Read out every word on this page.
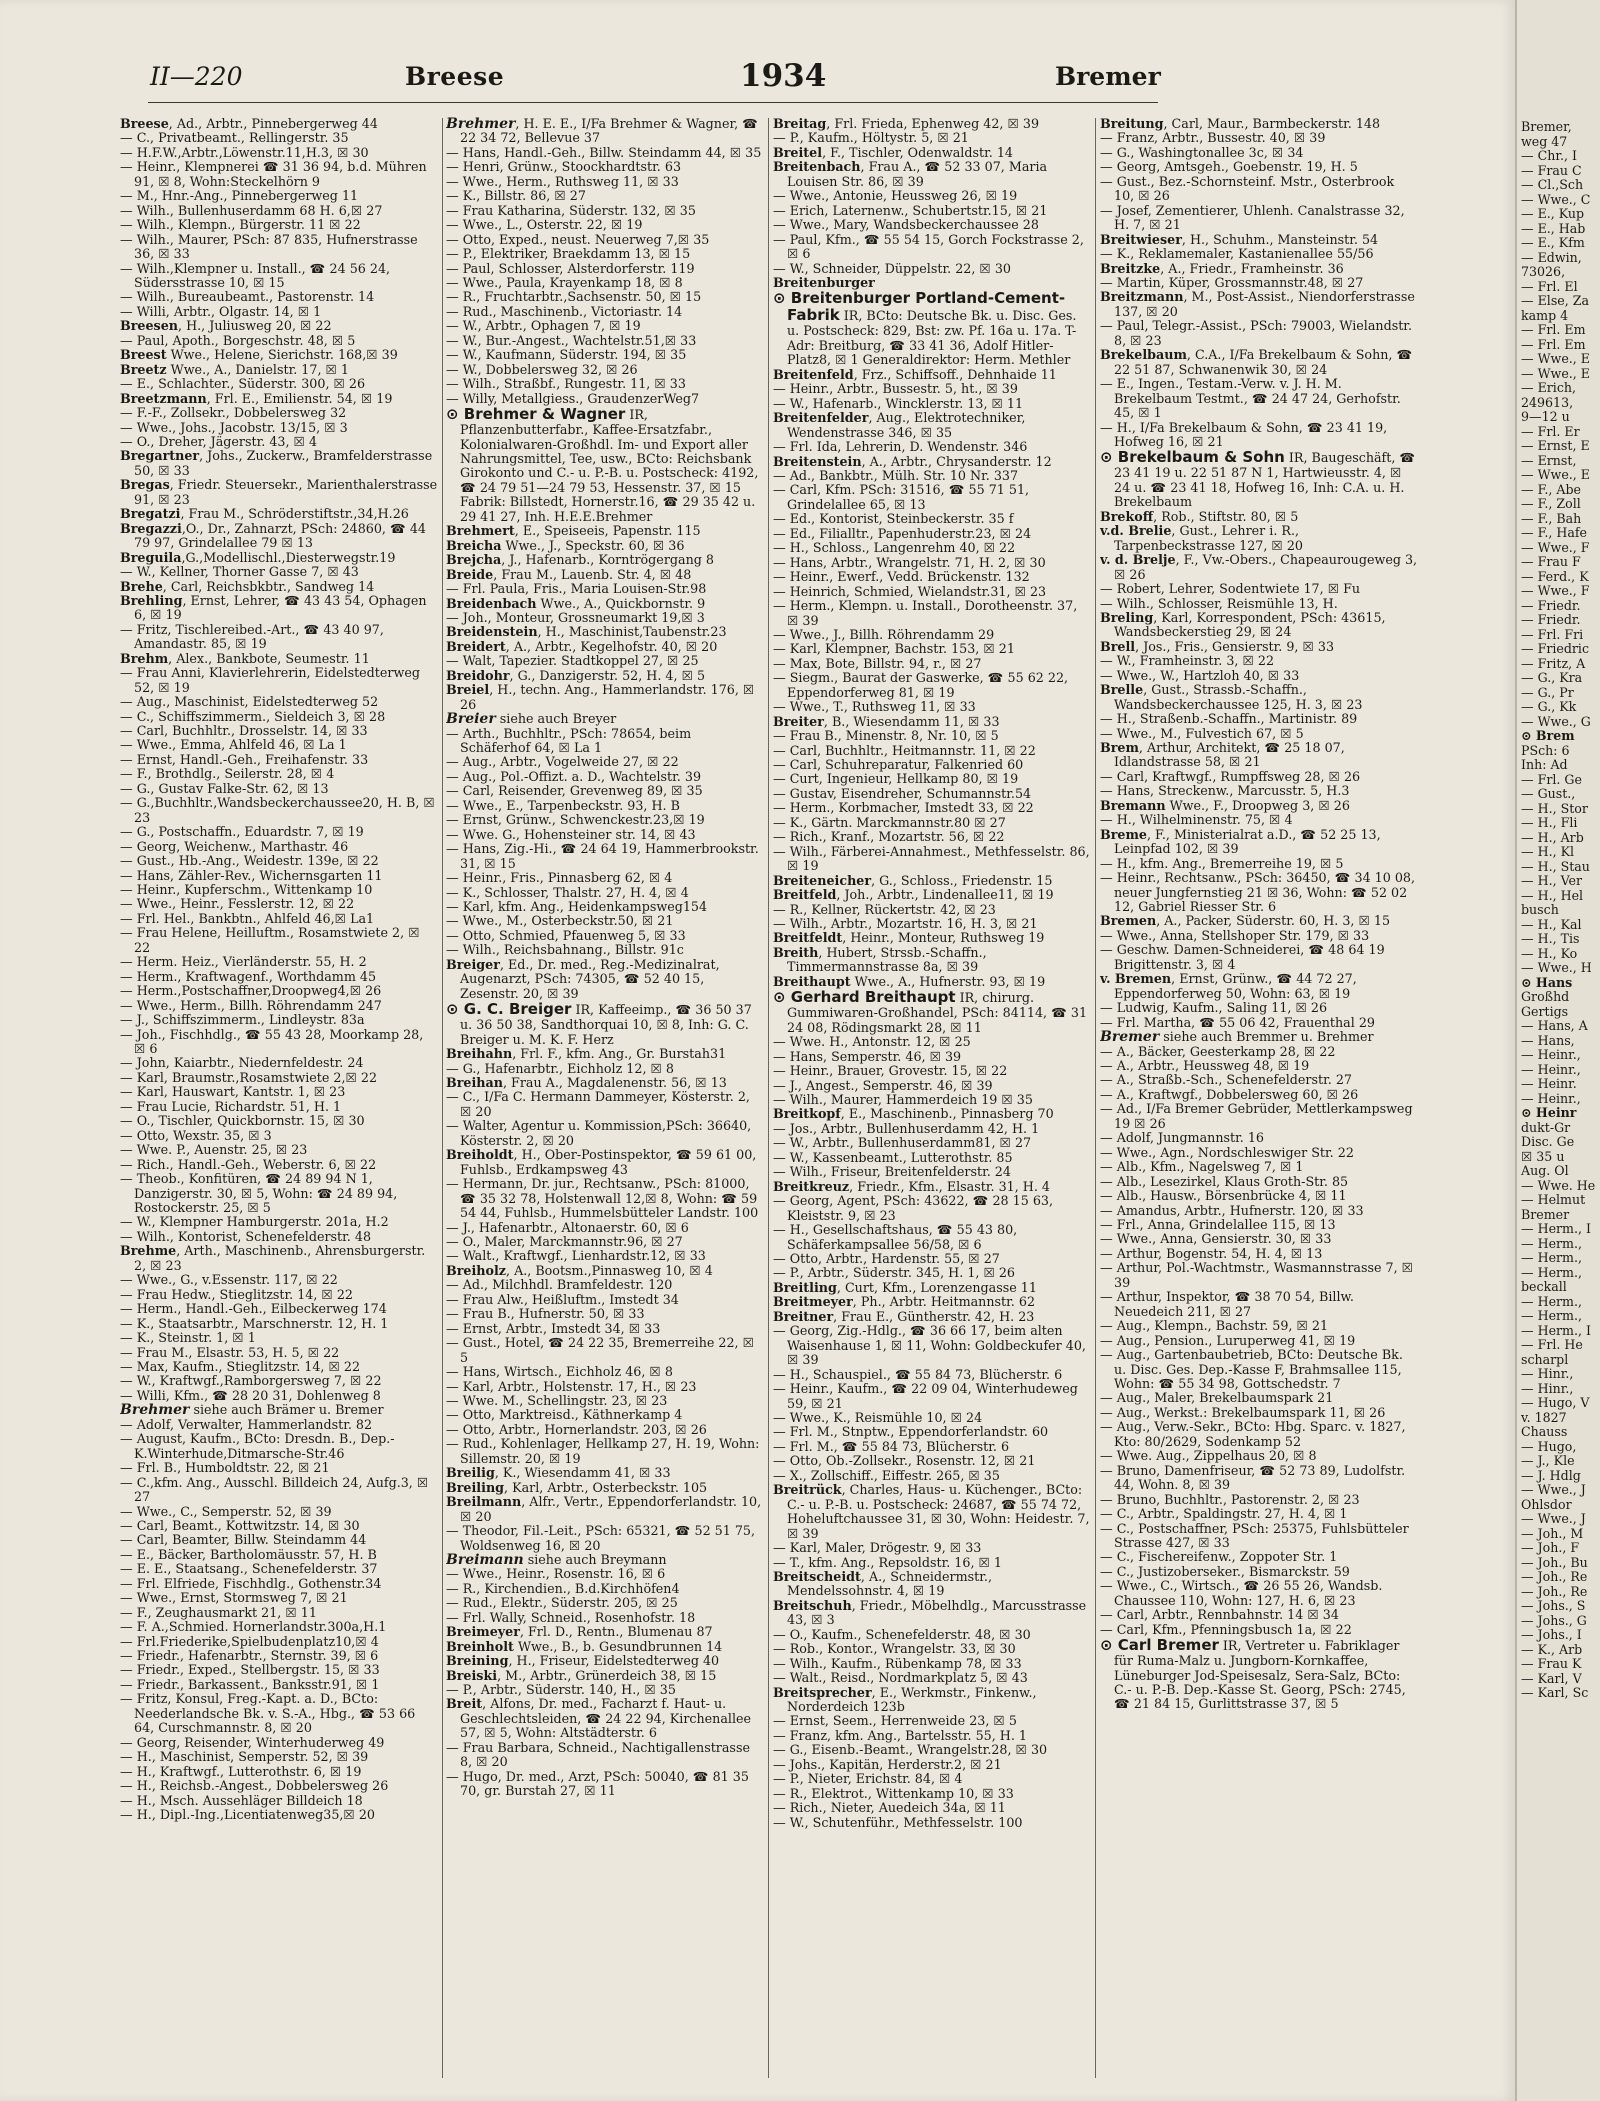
II—220	Breese	1934	Bremer

Breese, Ad., Arbtr., Pinnebergerweg 44

— C., Privatbeamt., Rellingerstr. 35

— H.F.W.,Arbtr.,Löwenstr.11,H.3, ☒ 30

— Heinr., Klempnerei ☎ 31 36 94, b.d. Mühren 91, ☒ 8, Wohn:Steckelhörn 9

— M., Hnr.-Ang., Pinnebergerweg 11

— Wilh., Bullenhuserdamm 68 H. 6,☒ 27

— Wilh., Klempn., Bürgerstr. 11 ☒ 22

— Wilh., Maurer, PSch: 87 835, Hufnerstrasse 36, ☒ 33

— Wilh.,Klempner u. Install., ☎ 24 56 24, Südersstrasse 10, ☒ 15

— Wilh., Bureaubeamt., Pastorenstr. 14

— Willi, Arbtr., Olgastr. 14, ☒ 1

Breesen, H., Juliusweg 20, ☒ 22

— Paul, Apoth., Borgeschstr. 48, ☒ 5

Breest Wwe., Helene, Sierichstr. 168,☒ 39

Breetz Wwe., A., Danielstr. 17, ☒ 1

— E., Schlachter., Süderstr. 300, ☒ 26

Breetzmann, Frl. E., Emilienstr. 54, ☒ 19

— F.-F., Zollsekr., Dobbelersweg 32

— Wwe., Johs., Jacobstr. 13/15, ☒ 3

— O., Dreher, Jägerstr. 43, ☒ 4

Bregartner, Johs., Zuckerw., Bramfelderstrasse 50, ☒ 33

Bregas, Friedr. Steuersekr., Marienthalerstrasse 91, ☒ 23

Bregatzi, Frau M., Schröderstiftstr.,34,H.26

Bregazzi,O., Dr., Zahnarzt, PSch: 24860, ☎ 44 79 97, Grindelallee 79 ☒ 13

Breguila,G.,Modellischl.,Diesterwegstr.19

— W., Kellner, Thorner Gasse 7, ☒ 43

Brehe, Carl, Reichsbkbtr., Sandweg 14

Brehling, Ernst, Lehrer, ☎ 43 43 54, Ophagen 6, ☒ 19

— Fritz, Tischlereibed.-Art., ☎ 43 40 97, Amandastr. 85, ☒ 19

Brehm, Alex., Bankbote, Seumestr. 11

— Frau Anni, Klavierlehrerin, Eidelstedterweg 52, ☒ 19

— Aug., Maschinist, Eidelstedterweg 52

— C., Schiffszimmerm., Sieldeich 3, ☒ 28

— Carl, Buchhltr., Drosselstr. 14, ☒ 33

— Wwe., Emma, Ahlfeld 46, ☒ La 1

— Ernst, Handl.-Geh., Freihafenstr. 33

— F., Brothdlg., Seilerstr. 28, ☒ 4

— G., Gustav Falke-Str. 62, ☒ 13

— G.,Buchhltr.,Wandsbeckerchaussee20, H. B, ☒ 23

— G., Postschaffn., Eduardstr. 7, ☒ 19

— Georg, Weichenw., Marthastr. 46

— Gust., Hb.-Ang., Weidestr. 139e, ☒ 22

— Hans, Zähler-Rev., Wichernsgarten 11

— Heinr., Kupferschm., Wittenkamp 10

— Wwe., Heinr., Fesslerstr. 12, ☒ 22

— Frl. Hel., Bankbtn., Ahlfeld 46,☒ La1

— Frau Helene, Heilluftm., Rosamstwiete 2, ☒ 22

— Herm. Heiz., Vierländerstr. 55, H. 2

— Herm., Kraftwagenf., Worthdamm 45

— Herm.,Postschaffner,Droopweg4,☒ 26

— Wwe., Herm., Billh. Röhrendamm 247

— J., Schiffszimmerm., Lindleystr. 83a

— Joh., Fischhdlg., ☎ 55 43 28, Moorkamp 28, ☒ 6

— John, Kaiarbtr., Niedernfeldestr. 24

— Karl, Braumstr.,Rosamstwiete 2,☒ 22

— Karl, Hauswart, Kantstr. 1, ☒ 23

— Frau Lucie, Richardstr. 51, H. 1

— O., Tischler, Quickbornstr. 15, ☒ 30

— Otto, Wexstr. 35, ☒ 3

— Wwe. P., Auenstr. 25, ☒ 23

— Rich., Handl.-Geh., Weberstr. 6, ☒ 22

— Theob., Konfitüren, ☎ 24 89 94 N 1, Danzigerstr. 30, ☒ 5, Wohn: ☎ 24 89 94, Rostockerstr. 25, ☒ 5

— W., Klempner Hamburgerstr. 201a, H.2

— Wilh., Kontorist, Schenefelderstr. 48

Brehme, Arth., Maschinenb., Ahrensburgerstr. 2, ☒ 23

— Wwe., G., v.Essenstr. 117, ☒ 22

— Frau Hedw., Stieglitzstr. 14, ☒ 22

— Herm., Handl.-Geh., Eilbeckerweg 174

— K., Staatsarbtr., Marschnerstr. 12, H. 1

— K., Steinstr. 1, ☒ 1

— Frau M., Elsastr. 53, H. 5, ☒ 22

— Max, Kaufm., Stieglitzstr. 14, ☒ 22

— W., Kraftwgf.,Ramborgersweg 7, ☒ 22

— Willi, Kfm., ☎ 28 20 31, Dohlenweg 8

Brehmer siehe auch Brämer u. Bremer

— Adolf, Verwalter, Hammerlandstr. 82

— August, Kaufm., BCto: Dresdn. B., Dep.-K.Winterhude,Ditmarsche-Str.46

— Frl. B., Humboldtstr. 22, ☒ 21

— C.,kfm. Ang., Ausschl. Billdeich 24, Aufg.3, ☒ 27

— Wwe., C., Semperstr. 52, ☒ 39

— Carl, Beamt., Kottwitzstr. 14, ☒ 30

— Carl, Beamter, Billw. Steindamm 44

— E., Bäcker, Bartholomäusstr. 57, H. B

— E. E., Staatsang., Schenefelderstr. 37

— Frl. Elfriede, Fischhdlg., Gothenstr.34

— Wwe., Ernst, Stormsweg 7, ☒ 21

— F., Zeughausmarkt 21, ☒ 11

— F. A.,Schmied. Hornerlandstr.300a,H.1

— Frl.Friederike,Spielbudenplatz10,☒ 4

— Friedr., Hafenarbtr., Sternstr. 39, ☒ 6

— Friedr., Exped., Stellbergstr. 15, ☒ 33

— Friedr., Barkassent., Banksstr.91, ☒ 1

— Fritz, Konsul, Freg.-Kapt. a. D., BCto: Neederlandsche Bk. v. S.-A., Hbg., ☎ 53 66 64, Curschmannstr. 8, ☒ 20

— Georg, Reisender, Winterhuderweg 49

— H., Maschinist, Semperstr. 52, ☒ 39

— H., Kraftwgf., Lutterothstr. 6, ☒ 19

— H., Reichsb.-Angest., Dobbelersweg 26

— H., Msch. Aussehläger Billdeich 18

— H., Dipl.-Ing.,Licentiatenweg35,☒ 20

Brehmer, H. E. E., I/Fa Brehmer & Wagner, ☎ 22 34 72, Bellevue 37

— Hans, Handl.-Geh., Billw. Steindamm 44, ☒ 35

— Henri, Grünw., Stoockhardtstr. 63

— Wwe., Herm., Ruthsweg 11, ☒ 33

— K., Billstr. 86, ☒ 27

— Frau Katharina, Süderstr. 132, ☒ 35

— Wwe., L., Osterstr. 22, ☒ 19

— Otto, Exped., neust. Neuerweg 7,☒ 35

— P., Elektriker, Braekdamm 13, ☒ 15

— Paul, Schlosser, Alsterdorferstr. 119

— Wwe., Paula, Krayenkamp 18, ☒ 8

— R., Fruchtarbtr.,Sachsenstr. 50, ☒ 15

— Rud., Maschinenb., Victoriastr. 14

— W., Arbtr., Ophagen 7, ☒ 19

— W., Bur.-Angest., Wachtelstr.51,☒ 33

— W., Kaufmann, Süderstr. 194, ☒ 35

— W., Dobbelersweg 32, ☒ 26

— Wilh., Straßbf., Rungestr. 11, ☒ 33

— Willy, Metallgiess., GraudenzerWeg7

⊙ Brehmer & Wagner IR, Pflanzenbutterfabr., Kaffee-Ersatzfabr., Kolonialwaren-Großhdl. Im- und Export aller Nahrungsmittel, Tee, usw., BCto: Reichsbank Girokonto und C.- u. P.-B. u. Postscheck: 4192, ☎ 24 79 51—24 79 53, Hessenstr. 37, ☒ 15 Fabrik: Billstedt, Hornerstr.16, ☎ 29 35 42 u. 29 41 27, Inh. H.E.E.Brehmer

Brehmert, E., Speiseeis, Papenstr. 115

Breicha Wwe., J., Speckstr. 60, ☒ 36

Brejcha, J., Hafenarb., Korntrögergang 8

Breide, Frau M., Lauenb. Str. 4, ☒ 48

— Frl. Paula, Fris., Maria Louisen-Str.98

Breidenbach Wwe., A., Quickbornstr. 9

— Joh., Monteur, Grossneumarkt 19,☒ 3

Breidenstein, H., Maschinist,Taubenstr.23

Breidert, A., Arbtr., Kegelhofstr. 40, ☒ 20

— Walt, Tapezier. Stadtkoppel 27, ☒ 25

Breidohr, G., Danzigerstr. 52, H. 4, ☒ 5

Breiel, H., techn. Ang., Hammerlandstr. 176, ☒ 26

Breier siehe auch Breyer

— Arth., Buchhltr., PSch: 78654, beim Schäferhof 64, ☒ La 1

— Aug., Arbtr., Vogelweide 27, ☒ 22

— Aug., Pol.-Offizt. a. D., Wachtelstr. 39

— Carl, Reisender, Grevenweg 89, ☒ 35

— Wwe., E., Tarpenbeckstr. 93, H. B

— Ernst, Grünw., Schwenckestr.23,☒ 19

— Wwe. G., Hohensteiner str. 14, ☒ 43

— Hans, Zig.-Hi., ☎ 24 64 19, Hammerbrookstr. 31, ☒ 15

— Heinr., Fris., Pinnasberg 62, ☒ 4

— K., Schlosser, Thalstr. 27, H. 4, ☒ 4

— Karl, kfm. Ang., Heidenkampsweg154

— Wwe., M., Osterbeckstr.50, ☒ 21

— Otto, Schmied, Pfauenweg 5, ☒ 33

— Wilh., Reichsbahnang., Billstr. 91c

Breiger, Ed., Dr. med., Reg.-Medizinalrat, Augenarzt, PSch: 74305, ☎ 52 40 15, Zesenstr. 20, ☒ 39

⊙ G. C. Breiger IR, Kaffeeimp., ☎ 36 50 37 u. 36 50 38, Sandthorquai 10, ☒ 8, Inh: G. C. Breiger u. M. K. F. Herz

Breihahn, Frl. F., kfm. Ang., Gr. Burstah31

— G., Hafenarbtr., Eichholz 12, ☒ 8

Breihan, Frau A., Magdalenenstr. 56, ☒ 13

— C., I/Fa C. Hermann Dammeyer, Kösterstr. 2, ☒ 20

— Walter, Agentur u. Kommission,PSch: 36640, Kösterstr. 2, ☒ 20

Breiholdt, H., Ober-Postinspektor, ☎ 59 61 00, Fuhlsb., Erdkampsweg 43

— Hermann, Dr. jur., Rechtsanw., PSch: 81000, ☎ 35 32 78, Holstenwall 12,☒ 8, Wohn: ☎ 59 54 44, Fuhlsb., Hummelsbütteler Landstr. 100

— J., Hafenarbtr., Altonaerstr. 60, ☒ 6

— O., Maler, Marckmannstr.96, ☒ 27

— Walt., Kraftwgf., Lienhardstr.12, ☒ 33

Breiholz, A., Bootsm.,Pinnasweg 10, ☒ 4

— Ad., Milchhdl. Bramfeldestr. 120

— Frau Alw., Heißluftm., Imstedt 34

— Frau B., Hufnerstr. 50, ☒ 33

— Ernst, Arbtr., Imstedt 34, ☒ 33

— Gust., Hotel, ☎ 24 22 35, Bremerreihe 22, ☒ 5

— Hans, Wirtsch., Eichholz 46, ☒ 8

— Karl, Arbtr., Holstenstr. 17, H., ☒ 23

— Wwe. M., Schellingstr. 23, ☒ 23

— Otto, Marktreisd., Käthnerkamp 4

— Otto, Arbtr., Hornerlandstr. 203, ☒ 26

— Rud., Kohlenlager, Hellkamp 27, H. 19, Wohn: Sillemstr. 20, ☒ 19

Breilig, K., Wiesendamm 41, ☒ 33

Breiling, Karl, Arbtr., Osterbeckstr. 105

Breilmann, Alfr., Vertr., Eppendorferlandstr. 10, ☒ 20

— Theodor, Fil.-Leit., PSch: 65321, ☎ 52 51 75, Woldsenweg 16, ☒ 20

Breimann siehe auch Breymann

— Wwe., Heinr., Rosenstr. 16, ☒ 6

— R., Kirchendien., B.d.Kirchhöfen4

— Rud., Elektr., Süderstr. 205, ☒ 25

— Frl. Wally, Schneid., Rosenhofstr. 18

Breimeyer, Frl. D., Rentn., Blumenau 87

Breinholt Wwe., B., b. Gesundbrunnen 14

Breining, H., Friseur, Eidelstedterweg 40

Breiski, M., Arbtr., Grünerdeich 38, ☒ 15

— P., Arbtr., Süderstr. 140, H., ☒ 35

Breit, Alfons, Dr. med., Facharzt f. Haut- u. Geschlechtsleiden, ☎ 24 22 94, Kirchenallee 57, ☒ 5, Wohn: Altstädterstr. 6

— Frau Barbara, Schneid., Nachtigallenstrasse 8, ☒ 20

— Hugo, Dr. med., Arzt, PSch: 50040, ☎ 81 35 70, gr. Burstah 27, ☒ 11

Breitag, Frl. Frieda, Ephenweg 42, ☒ 39

— P., Kaufm., Höltystr. 5, ☒ 21

Breitel, F., Tischler, Odenwaldstr. 14

Breitenbach, Frau A., ☎ 52 33 07, Maria Louisen Str. 86, ☒ 39

— Wwe., Antonie, Heussweg 26, ☒ 19

— Erich, Laternenw., Schubertstr.15, ☒ 21

— Wwe., Mary, Wandsbeckerchaussee 28

— Paul, Kfm., ☎ 55 54 15, Gorch Fockstrasse 2, ☒ 6

— W., Schneider, Düppelstr. 22, ☒ 30

Breitenburger

⊙ Breitenburger Portland-Cement-Fabrik IR, BCto: Deutsche Bk. u. Disc. Ges. u. Postscheck: 829, Bst: zw. Pf. 16a u. 17a. T-Adr: Breitburg, ☎ 33 41 36, Adolf Hitler-Platz8, ☒ 1 Generaldirektor: Herm. Methler

Breitenfeld, Frz., Schiffsoff., Dehnhaide 11

— Heinr., Arbtr., Bussestr. 5, ht., ☒ 39

— W., Hafenarb., Wincklerstr. 13, ☒ 11

Breitenfelder, Aug., Elektrotechniker, Wendenstrasse 346, ☒ 35

— Frl. Ida, Lehrerin, D. Wendenstr. 346

Breitenstein, A., Arbtr., Chrysanderstr. 12

— Ad., Bankbtr., Mülh. Str. 10 Nr. 337

— Carl, Kfm. PSch: 31516, ☎ 55 71 51, Grindelallee 65, ☒ 13

— Ed., Kontorist, Steinbeckerstr. 35 f

— Ed., Filialltr., Papenhuderstr.23, ☒ 24

— H., Schloss., Langenrehm 40, ☒ 22

— Hans, Arbtr., Wrangelstr. 71, H. 2, ☒ 30

— Heinr., Ewerf., Vedd. Brückenstr. 132

— Heinrich, Schmied, Wielandstr.31, ☒ 23

— Herm., Klempn. u. Install., Dorotheenstr. 37, ☒ 39

— Wwe., J., Billh. Röhrendamm 29

— Karl, Klempner, Bachstr. 153, ☒ 21

— Max, Bote, Billstr. 94, r., ☒ 27

— Siegm., Baurat der Gaswerke, ☎ 55 62 22, Eppendorferweg 81, ☒ 19

— Wwe., T., Ruthsweg 11, ☒ 33

Breiter, B., Wiesendamm 11, ☒ 33

— Frau B., Minenstr. 8, Nr. 10, ☒ 5

— Carl, Buchhltr., Heitmannstr. 11, ☒ 22

— Carl, Schuhreparatur, Falkenried 60

— Curt, Ingenieur, Hellkamp 80, ☒ 19

— Gustav, Eisendreher, Schumannstr.54

— Herm., Korbmacher, Imstedt 33, ☒ 22

— K., Gärtn. Marckmannstr.80 ☒ 27

— Rich., Kranf., Mozartstr. 56, ☒ 22

— Wilh., Färberei-Annahmest., Methfesselstr. 86, ☒ 19

Breiteneicher, G., Schloss., Friedenstr. 15

Breitfeld, Joh., Arbtr., Lindenallee11, ☒ 19

— R., Kellner, Rückertstr. 42, ☒ 23

— Wilh., Arbtr., Mozartstr. 16, H. 3, ☒ 21

Breitfeldt, Heinr., Monteur, Ruthsweg 19

Breith, Hubert, Strssb.-Schaffn., Timmermannstrasse 8a, ☒ 39

Breithaupt Wwe., A., Hufnerstr. 93, ☒ 19

⊙ Gerhard Breithaupt IR, chirurg. Gummiwaren-Großhandel, PSch: 84114, ☎ 31 24 08, Rödingsmarkt 28, ☒ 11

— Wwe. H., Antonstr. 12, ☒ 25

— Hans, Semperstr. 46, ☒ 39

— Heinr., Brauer, Grovestr. 15, ☒ 22

— J., Angest., Semperstr. 46, ☒ 39

— Wilh., Maurer, Hammerdeich 19 ☒ 35

Breitkopf, E., Maschinenb., Pinnasberg 70

— Jos., Arbtr., Bullenhuserdamm 42, H. 1

— W., Arbtr., Bullenhuserdamm81, ☒ 27

— W., Kassenbeamt., Lutterothstr. 85

— Wilh., Friseur, Breitenfelderstr. 24

Breitkreuz, Friedr., Kfm., Elsastr. 31, H. 4

— Georg, Agent, PSch: 43622, ☎ 28 15 63, Kleiststr. 9, ☒ 23

— H., Gesellschaftshaus, ☎ 55 43 80, Schäferkampsallee 56/58, ☒ 6

— Otto, Arbtr., Hardenstr. 55, ☒ 27

— P., Arbtr., Süderstr. 345, H. 1, ☒ 26

Breitling, Curt, Kfm., Lorenzengasse 11

Breitmeyer, Ph., Arbtr. Heitmannstr. 62

Breitner, Frau E., Güntherstr. 42, H. 23

— Georg, Zig.-Hdlg., ☎ 36 66 17, beim alten Waisenhause 1, ☒ 11, Wohn: Goldbeckufer 40, ☒ 39

— H., Schauspiel., ☎ 55 84 73, Blücherstr. 6

— Heinr., Kaufm., ☎ 22 09 04, Winterhudeweg 59, ☒ 21

— Wwe., K., Reismühle 10, ☒ 24

— Frl. M., Stnptw., Eppendorferlandstr. 60

— Frl. M., ☎ 55 84 73, Blücherstr. 6

— Otto, Ob.-Zollsekr., Rosenstr. 12, ☒ 21

— X., Zollschiff., Eiffestr. 265, ☒ 35

Breitrück, Charles, Haus- u. Küchenger., BCto: C.- u. P.-B. u. Postscheck: 24687, ☎ 55 74 72, Hoheluftchaussee 31, ☒ 30, Wohn: Heidestr. 7, ☒ 39

— Karl, Maler, Drögestr. 9, ☒ 33

— T., kfm. Ang., Repsoldstr. 16, ☒ 1

Breitscheidt, A., Schneidermstr., Mendelssohnstr. 4, ☒ 19

Breitschuh, Friedr., Möbelhdlg., Marcusstrasse 43, ☒ 3

— O., Kaufm., Schenefelderstr. 48, ☒ 30

— Rob., Kontor., Wrangelstr. 33, ☒ 30

— Wilh., Kaufm., Rübenkamp 78, ☒ 33

— Walt., Reisd., Nordmarkplatz 5, ☒ 43

Breitsprecher, E., Werkmstr., Finkenw., Norderdeich 123b

— Ernst, Seem., Herrenweide 23, ☒ 5

— Franz, kfm. Ang., Bartelsstr. 55, H. 1

— G., Eisenb.-Beamt., Wrangelstr.28, ☒ 30

— Johs., Kapitän, Herderstr.2, ☒ 21

— P., Nieter, Erichstr. 84, ☒ 4

— R., Elektrot., Wittenkamp 10, ☒ 33

— Rich., Nieter, Auedeich 34a, ☒ 11

— W., Schutenführ., Methfesselstr. 100

Breitung, Carl, Maur., Barmbeckerstr. 148

— Franz, Arbtr., Bussestr. 40, ☒ 39

— G., Washingtonallee 3c, ☒ 34

— Georg, Amtsgeh., Goebenstr. 19, H. 5

— Gust., Bez.-Schornsteinf. Mstr., Osterbrook 10, ☒ 26

— Josef, Zementierer, Uhlenh. Canalstrasse 32, H. 7, ☒ 21

Breitwieser, H., Schuhm., Mansteinstr. 54

— K., Reklamemaler, Kastanienallee 55/56

Breitzke, A., Friedr., Framheinstr. 36

— Martin, Küper, Grossmannstr.48, ☒ 27

Breitzmann, M., Post-Assist., Niendorferstrasse 137, ☒ 20

— Paul, Telegr.-Assist., PSch: 79003, Wielandstr. 8, ☒ 23

Brekelbaum, C.A., I/Fa Brekelbaum & Sohn, ☎ 22 51 87, Schwanenwik 30, ☒ 24

— E., Ingen., Testam.-Verw. v. J. H. M. Brekelbaum Testmt., ☎ 24 47 24, Gerhofstr. 45, ☒ 1

— H., I/Fa Brekelbaum & Sohn, ☎ 23 41 19, Hofweg 16, ☒ 21

⊙ Brekelbaum & Sohn IR, Baugeschäft, ☎ 23 41 19 u. 22 51 87 N 1, Hartwieusstr. 4, ☒ 24 u. ☎ 23 41 18, Hofweg 16, Inh: C.A. u. H. Brekelbaum

Brekoff, Rob., Stiftstr. 80, ☒ 5

v.d. Brelie, Gust., Lehrer i. R., Tarpenbeckstrasse 127, ☒ 20

v. d. Brelje, F., Vw.-Obers., Chapeaurougeweg 3, ☒ 26

— Robert, Lehrer, Sodentwiete 17, ☒ Fu

— Wilh., Schlosser, Reismühle 13, H.

Breling, Karl, Korrespondent, PSch: 43615, Wandsbeckerstieg 29, ☒ 24

Brell, Jos., Fris., Gensierstr. 9, ☒ 33

— W., Framheinstr. 3, ☒ 22

— Wwe., W., Hartzloh 40, ☒ 33

Brelle, Gust., Strassb.-Schaffn., Wandsbeckerchaussee 125, H. 3, ☒ 23

— H., Straßenb.-Schaffn., Martinistr. 89

— Wwe., M., Fulvestich 67, ☒ 5

Brem, Arthur, Architekt, ☎ 25 18 07, Idlandstrasse 58, ☒ 21

— Carl, Kraftwgf., Rumpffsweg 28, ☒ 26

— Hans, Streckenw., Marcusstr. 5, H.3

Bremann Wwe., F., Droopweg 3, ☒ 26

— H., Wilhelminenstr. 75, ☒ 4

Breme, F., Ministerialrat a.D., ☎ 52 25 13, Leinpfad 102, ☒ 39

— H., kfm. Ang., Bremerreihe 19, ☒ 5

— Heinr., Rechtsanw., PSch: 36450, ☎ 34 10 08, neuer Jungfernstieg 21 ☒ 36, Wohn: ☎ 52 02 12, Gabriel Riesser Str. 6

Bremen, A., Packer, Süderstr. 60, H. 3, ☒ 15

— Wwe., Anna, Stellshoper Str. 179, ☒ 33

— Geschw. Damen-Schneiderei, ☎ 48 64 19 Brigittenstr. 3, ☒ 4

v. Bremen, Ernst, Grünw., ☎ 44 72 27, Eppendorferweg 50, Wohn: 63, ☒ 19

— Ludwig, Kaufm., Saling 11, ☒ 26

— Frl. Martha, ☎ 55 06 42, Frauenthal 29

Bremer siehe auch Bremmer u. Brehmer

— A., Bäcker, Geesterkamp 28, ☒ 22

— A., Arbtr., Heussweg 48, ☒ 19

— A., Straßb.-Sch., Schenefelderstr. 27

— A., Kraftwgf., Dobbelersweg 60, ☒ 26

— Ad., I/Fa Bremer Gebrüder, Mettlerkampsweg 19 ☒ 26

— Adolf, Jungmannstr. 16

— Wwe., Agn., Nordschleswiger Str. 22

— Alb., Kfm., Nagelsweg 7, ☒ 1

— Alb., Lesezirkel, Klaus Groth-Str. 85

— Alb., Hausw., Börsenbrücke 4, ☒ 11

— Amandus, Arbtr., Hufnerstr. 120, ☒ 33

— Frl., Anna, Grindelallee 115, ☒ 13

— Wwe., Anna, Gensierstr. 30, ☒ 33

— Arthur, Bogenstr. 54, H. 4, ☒ 13

— Arthur, Pol.-Wachtmstr., Wasmannstrasse 7, ☒ 39

— Arthur, Inspektor, ☎ 38 70 54, Billw. Neuedeich 211, ☒ 27

— Aug., Klempn., Bachstr. 59, ☒ 21

— Aug., Pension., Luruperweg 41, ☒ 19

— Aug., Gartenbaubetrieb, BCto: Deutsche Bk. u. Disc. Ges. Dep.-Kasse F, Brahmsallee 115, Wohn: ☎ 55 34 98, Gottschedstr. 7

— Aug., Maler, Brekelbaumspark 21

— Aug., Werkst.: Brekelbaumspark 11, ☒ 26

— Aug., Verw.-Sekr., BCto: Hbg. Sparc. v. 1827, Kto: 80/2629, Sodenkamp 52

— Wwe. Aug., Zippelhaus 20, ☒ 8

— Bruno, Damenfriseur, ☎ 52 73 89, Ludolfstr. 44, Wohn. 8, ☒ 39

— Bruno, Buchhltr., Pastorenstr. 2, ☒ 23

— C., Arbtr., Spaldingstr. 27, H. 4, ☒ 1

— C., Postschaffner, PSch: 25375, Fuhlsbütteler Strasse 427, ☒ 33

— C., Fischereifenw., Zoppoter Str. 1

— C., Justizoberseker., Bismarckstr. 59

— Wwe., C., Wirtsch., ☎ 26 55 26, Wandsb. Chaussee 110, Wohn: 127, H. 6, ☒ 23

— Carl, Arbtr., Rennbahnstr. 14 ☒ 34

— Carl, Kfm., Pfenningsbusch 1a, ☒ 22

⊙ Carl Bremer IR, Vertreter u. Fabriklager für Ruma-Malz u. Jungborn-Kornkaffee, Lüneburger Jod-Speisesalz, Sera-Salz, BCto: C.- u. P.-B. Dep.-Kasse St. Georg, PSch: 2745, ☎ 21 84 15, Gurlittstrasse 37, ☒ 5

Bremer,
weg 47
— Chr., I
— Frau C
— Cl.,Sch
— Wwe., C
— E., Kup
— E., Hab
— E., Kfm
— Edwin,
73026,
— Frl. El
— Else, Za
kamp 4
— Frl. Em
— Frl. Em
— Wwe., E
— Wwe., E
— Erich,
249613,
9—12 u
— Frl. Er
— Ernst, E
— Ernst,
— Wwe., E
— F., Abe
— F., Zoll
— F., Bah
— F., Hafe
— Wwe., F
— Frau F
— Ferd., K
— Wwe., F
— Friedr.
— Friedr.
— Frl. Fri
— Friedric
— Fritz, A
— G., Kra
— G., Pr
— G., Kk
— Wwe., G
⊙ Brem
PSch: 6
Inh: Ad
— Frl. Ge
— Gust.,
— H., Stor
— H., Fli
— H., Arb
— H., Kl
— H., Stau
— H., Ver
— H., Hel
busch
— H., Kal
— H., Tis
— H., Ko
— Wwe., H
⊙ Hans
Großhd
Gertigs
— Hans, A
— Hans,
— Heinr.,
— Heinr.,
— Heinr.
— Heinr.,
⊙ Heinr
dukt-Gr
Disc. Ge
☒ 35 u
Aug. Ol
— Wwe. He
— Helmut
Bremer
— Herm., I
— Herm.,
— Herm.,
— Herm.,
beckall
— Herm.,
— Herm.,
— Herm., I
— Frl. He
scharpl
— Hinr.,
— Hinr.,
— Hugo, V
v. 1827
Chauss
— Hugo,
— J., Kle
— J. Hdlg
— Wwe., J
Ohlsdor
— Wwe., J
— Joh., M
— Joh., F
— Joh., Bu
— Joh., Re
— Joh., Re
— Johs., S
— Johs., G
— Johs., I
— K., Arb
— Frau K
— Karl, V
— Karl, Sc
